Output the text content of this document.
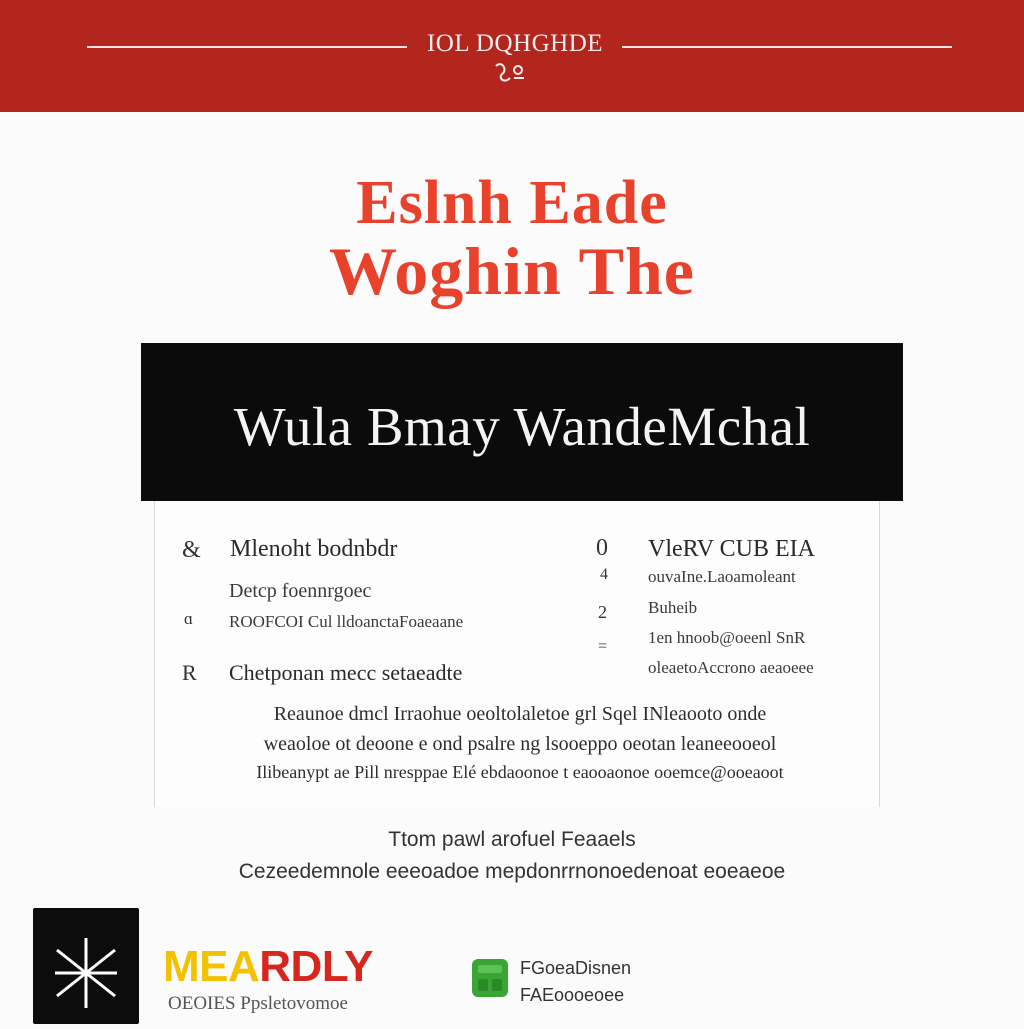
IOL DQHGHDE
Eslnh Eade
Woghin The
Wula Bmay WandeMchal
& Mlenoht bodnbdr
Detcp foennrgoec
ɑ ROOFCOI Cul lldoanctaFoaeaane
R Chetponan mecc setaeadte
0 VleRV CUB EIA
4 ouvaIne.Laoamoleant
2 Buheib
= 1en hnoob@oeenl SnR
oleaetoAccrono aeaoeee
Reaunoe dmcl Irraohue oeoltolaletoe grl Sqel INleaooto onde
weaoloe ot deoone e ond psalre ng lsooeppo oeotan leaneeooeol
Ilibeanypt ae Pill nresppae Elé ebdaoonoe t eaooaonoe ooemce@ooeaoot
Ttom pawl arofuel Feaaels
Cezeedemnole eeeoadoe mepdonrrnonoedenoat eoeaeoe
MEARDLY
OEOIES Ppsletovomoe
FGoeaDisnen
FAEoooeoee
